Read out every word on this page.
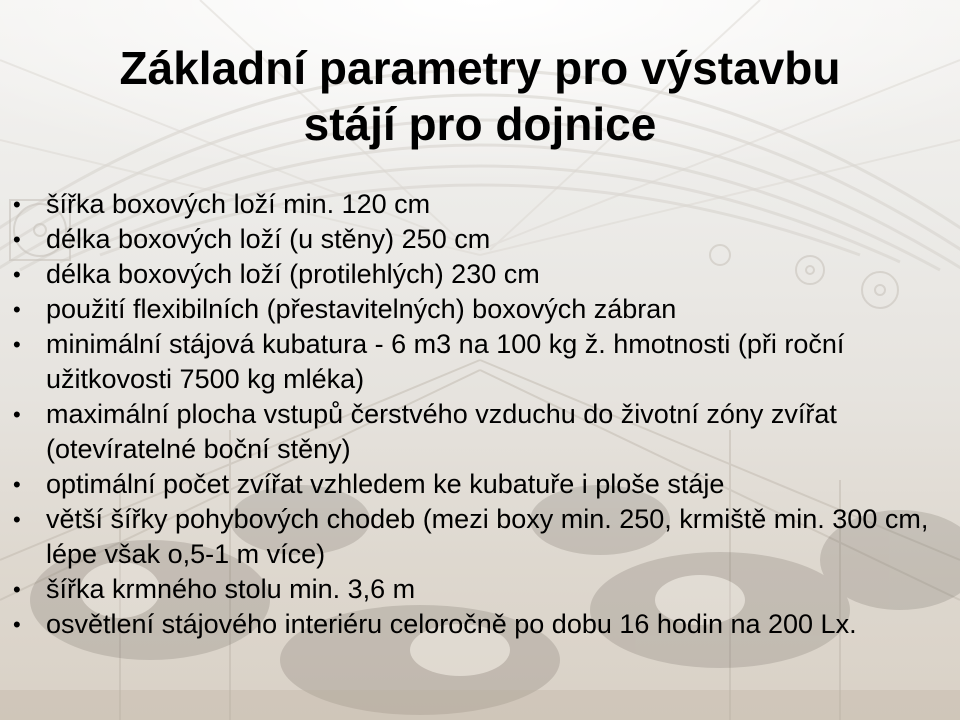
Základní parametry pro výstavbu
stájí pro dojnice
• šířka boxových loží min. 120 cm
• délka boxových loží (u stěny) 250 cm
• délka boxových loží (protilehlých) 230 cm
• použití flexibilních (přestavitelných) boxových zábran
• minimální stájová kubatura - 6 m3 na 100 kg ž. hmotnosti (při roční užitkovosti 7500 kg mléka)
• maximální plocha vstupů čerstvého vzduchu do životní zóny zvířat (otevíratelné boční stěny)
• optimální počet zvířat vzhledem ke kubatuře i ploše stáje
• větší šířky pohybových chodeb (mezi boxy min. 250, krmiště min. 300 cm, lépe však o,5-1 m více)
• šířka krmného stolu min. 3,6 m
• osvětlení stájového interiéru celoročně po dobu 16 hodin na 200 Lx.
